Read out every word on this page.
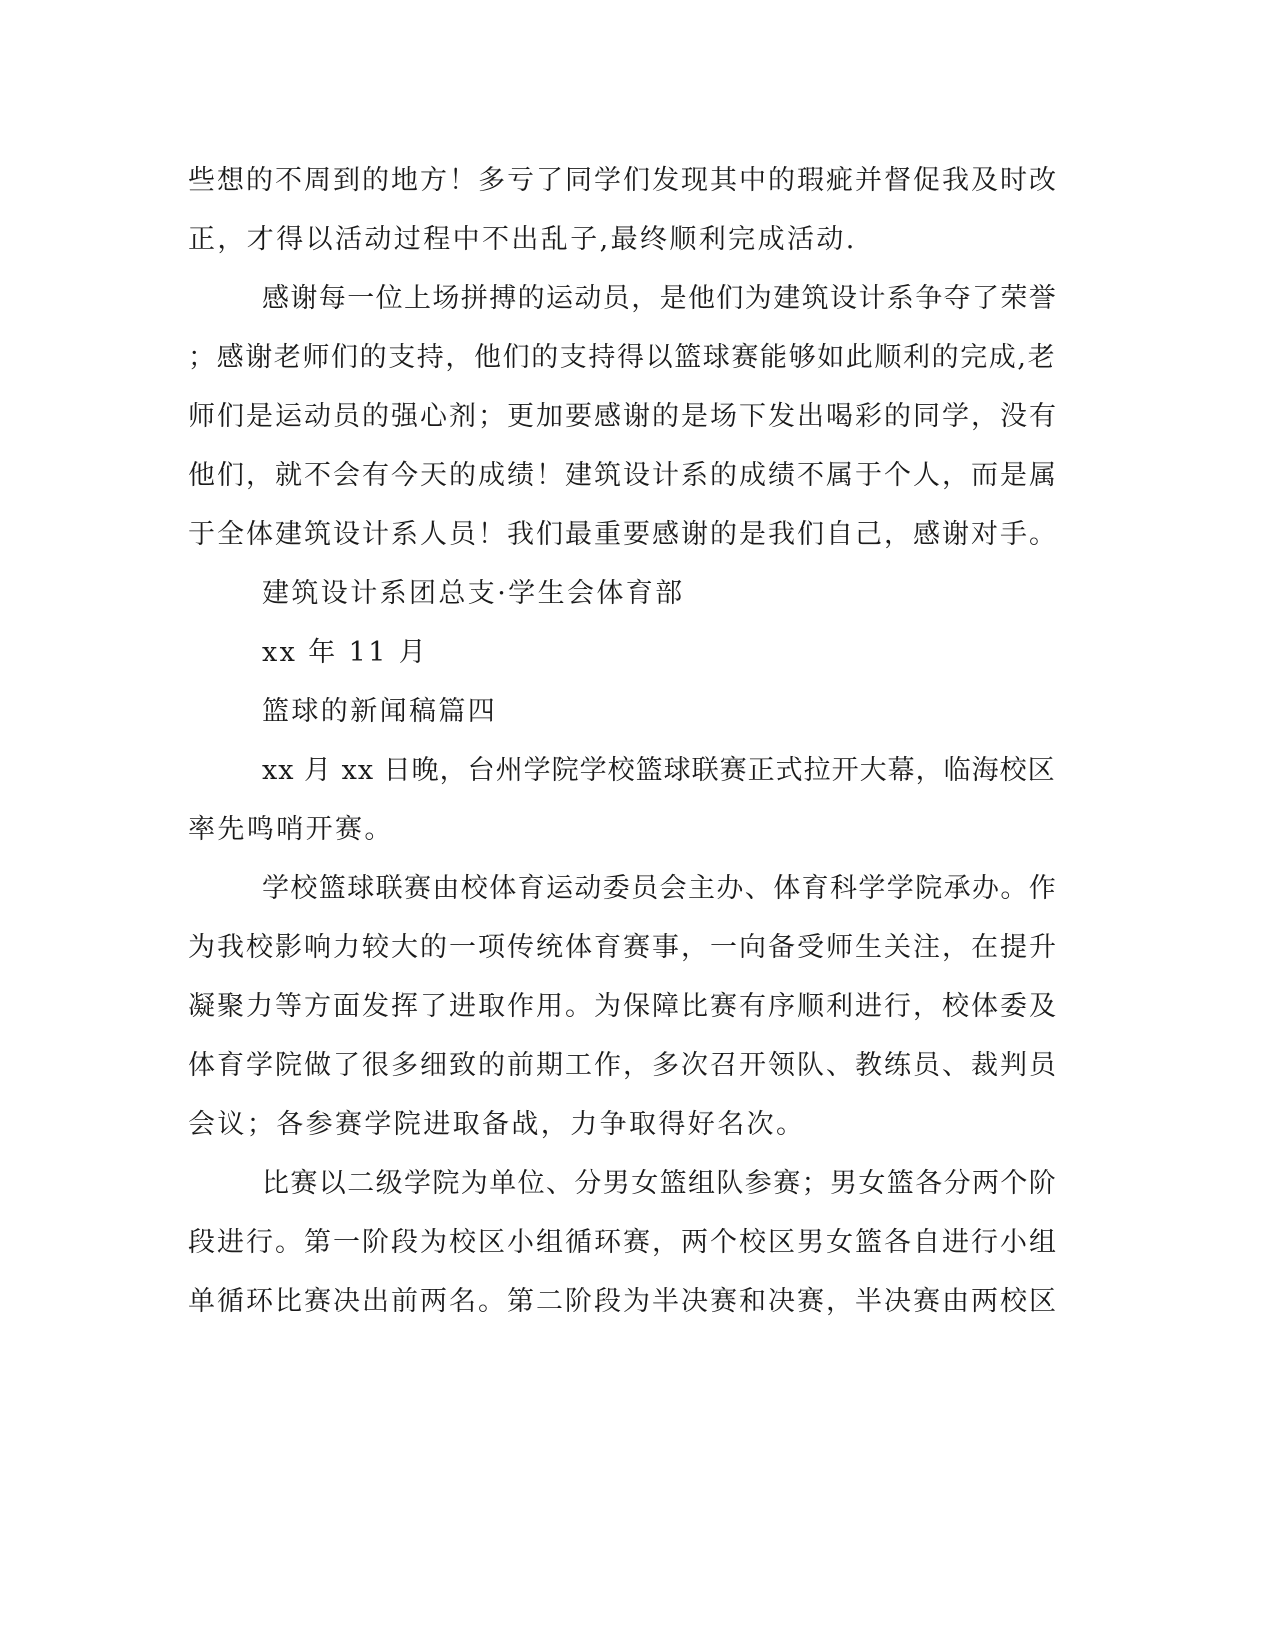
些想的不周到的地方！多亏了同学们发现其中的瑕疵并督促我及时改
正，才得以活动过程中不出乱子,最终顺利完成活动.
感谢每一位上场拼搏的运动员，是他们为建筑设计系争夺了荣誉
；感谢老师们的支持，他们的支持得以篮球赛能够如此顺利的完成,老
师们是运动员的强心剂；更加要感谢的是场下发出喝彩的同学，没有
他们，就不会有今天的成绩！建筑设计系的成绩不属于个人，而是属
于全体建筑设计系人员！我们最重要感谢的是我们自己，感谢对手。
建筑设计系团总支·学生会体育部
xx 年 11 月
篮球的新闻稿篇四
xx 月 xx 日晚，台州学院学校篮球联赛正式拉开大幕，临海校区
率先鸣哨开赛。
学校篮球联赛由校体育运动委员会主办、体育科学学院承办。作
为我校影响力较大的一项传统体育赛事，一向备受师生关注，在提升
凝聚力等方面发挥了进取作用。为保障比赛有序顺利进行，校体委及
体育学院做了很多细致的前期工作，多次召开领队、教练员、裁判员
会议；各参赛学院进取备战，力争取得好名次。
比赛以二级学院为单位、分男女篮组队参赛；男女篮各分两个阶
段进行。第一阶段为校区小组循环赛，两个校区男女篮各自进行小组
单循环比赛决出前两名。第二阶段为半决赛和决赛，半决赛由两校区
